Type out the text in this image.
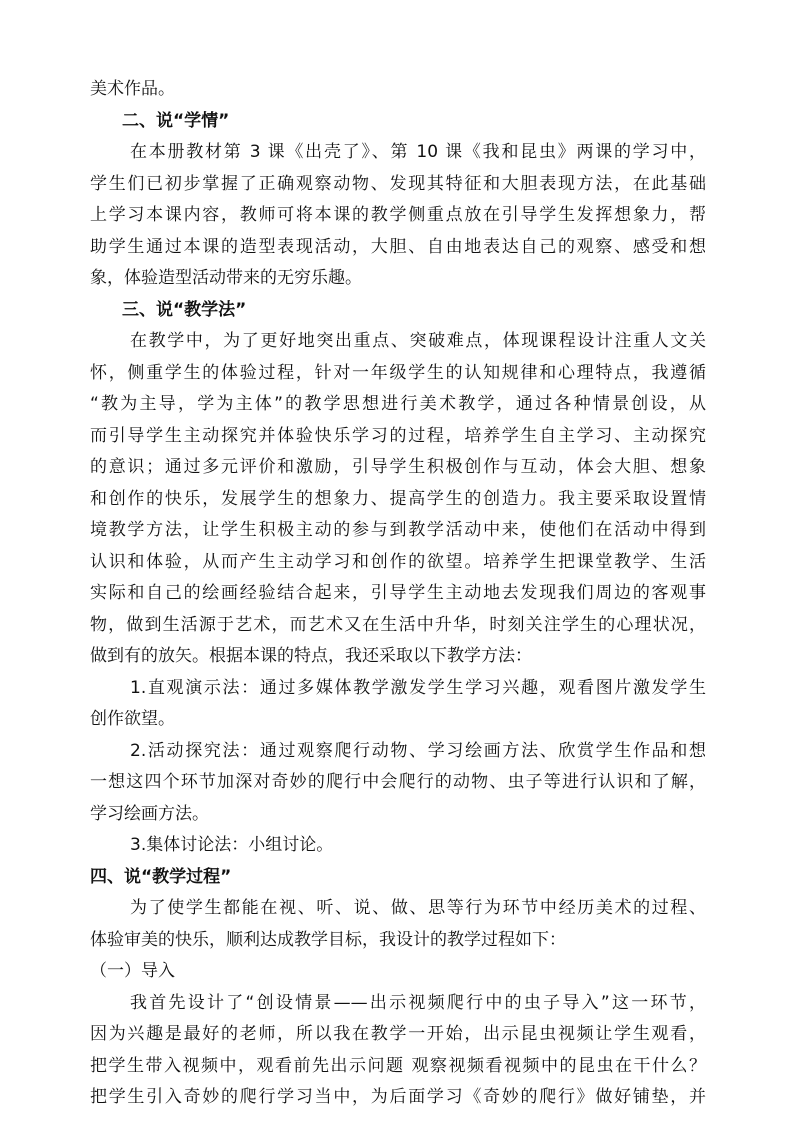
美术作品。

二、说“学情”

在本册教材第 3 课《出壳了》、第 10 课《我和昆虫》两课的学习中，

学生们已初步掌握了正确观察动物、发现其特征和大胆表现方法，在此基础

上学习本课内容，教师可将本课的教学侧重点放在引导学生发挥想象力，帮

助学生通过本课的造型表现活动，大胆、自由地表达自己的观察、感受和想

象，体验造型活动带来的无穷乐趣。

三、说“教学法”

在教学中，为了更好地突出重点、突破难点，体现课程设计注重人文关

怀，侧重学生的体验过程，针对一年级学生的认知规律和心理特点，我遵循

“教为主导，学为主体”的教学思想进行美术教学，通过各种情景创设，从

而引导学生主动探究并体验快乐学习的过程，培养学生自主学习、主动探究

的意识；通过多元评价和激励，引导学生积极创作与互动，体会大胆、想象

和创作的快乐，发展学生的想象力、提高学生的创造力。我主要采取设置情

境教学方法，让学生积极主动的参与到教学活动中来，使他们在活动中得到

认识和体验，从而产生主动学习和创作的欲望。培养学生把课堂教学、生活

实际和自己的绘画经验结合起来，引导学生主动地去发现我们周边的客观事

物，做到生活源于艺术，而艺术又在生活中升华，时刻关注学生的心理状况，

做到有的放矢。根据本课的特点，我还采取以下教学方法：

1.直观演示法：通过多媒体教学激发学生学习兴趣，观看图片激发学生

创作欲望。

2.活动探究法：通过观察爬行动物、学习绘画方法、欣赏学生作品和想

一想这四个环节加深对奇妙的爬行中会爬行的动物、虫子等进行认识和了解，

学习绘画方法。

3.集体讨论法：小组讨论。

四、说“教学过程”

为了使学生都能在视、听、说、做、思等行为环节中经历美术的过程、

体验审美的快乐，顺利达成教学目标，我设计的教学过程如下：

（一）导入

我首先设计了“创设情景——出示视频爬行中的虫子导入”这一环节，

因为兴趣是最好的老师，所以我在教学一开始，出示昆虫视频让学生观看，

把学生带入视频中，观看前先出示问题 观察视频看视频中的昆虫在干什么？

把学生引入奇妙的爬行学习当中，为后面学习《奇妙的爬行》做好铺垫，并
